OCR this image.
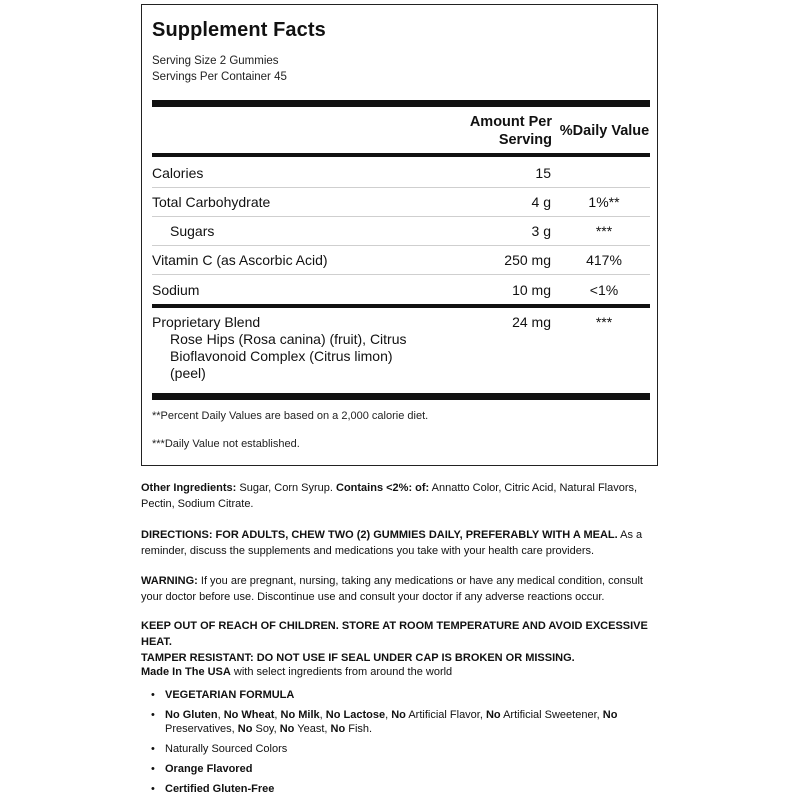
Supplement Facts
Serving Size 2 Gummies
Servings Per Container 45
Amount Per
Serving
%Daily Value
Calories	15
Total Carbohydrate	4 g	1%**
Sugars	3 g	***
Vitamin C (as Ascorbic Acid)	250 mg	417%
Sodium	10 mg	<1%
Proprietary Blend	24 mg	***
Rose Hips (Rosa canina) (fruit), Citrus
Bioflavonoid Complex (Citrus limon)
(peel)
**Percent Daily Values are based on a 2,000 calorie diet.
***Daily Value not established.
Other Ingredients: Sugar, Corn Syrup. Contains <2%: of: Annatto Color, Citric Acid, Natural Flavors, Pectin, Sodium Citrate.
DIRECTIONS: FOR ADULTS, CHEW TWO (2) GUMMIES DAILY, PREFERABLY WITH A MEAL. As a reminder, discuss the supplements and medications you take with your health care providers.
WARNING: If you are pregnant, nursing, taking any medications or have any medical condition, consult your doctor before use. Discontinue use and consult your doctor if any adverse reactions occur.
KEEP OUT OF REACH OF CHILDREN. STORE AT ROOM TEMPERATURE AND AVOID EXCESSIVE HEAT.
TAMPER RESISTANT: DO NOT USE IF SEAL UNDER CAP IS BROKEN OR MISSING.
Made In The USA with select ingredients from around the world
• VEGETARIAN FORMULA
• No Gluten, No Wheat, No Milk, No Lactose, No Artificial Flavor, No Artificial Sweetener, No Preservatives, No Soy, No Yeast, No Fish.
• Naturally Sourced Colors
• Orange Flavored
• Certified Gluten-Free
